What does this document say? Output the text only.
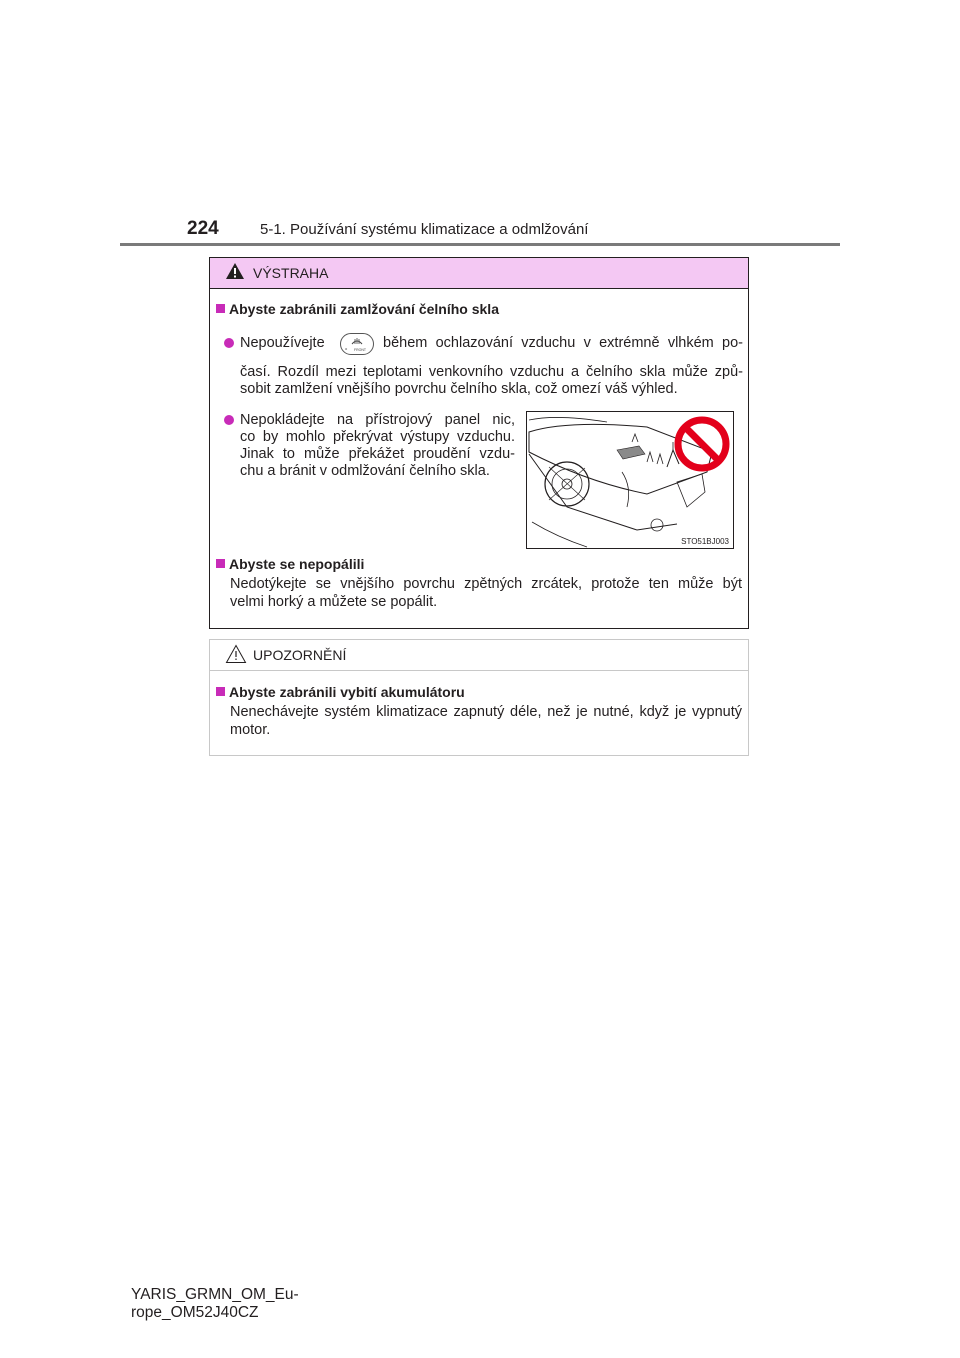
224	5-1. Používání systému klimatizace a odmlžování
VÝSTRAHA
Abyste zabránili zamlžování čelního skla
Nepoužívejte	o FRONT během ochlazování vzduchu v extrémně vlhkém po-
časí. Rozdíl mezi teplotami venkovního vzduchu a čelního skla může způ-
sobit zamlžení vnějšího povrchu čelního skla, což omezí váš výhled.
Nepokládejte na přístrojový panel nic,
co by mohlo překrývat výstupy vzduchu.
Jinak to může překážet proudění vzdu-
chu a bránit v odmlžování čelního skla.
STO51BJ003
Abyste se nepopálili
Nedotýkejte se vnějšího povrchu zpětných zrcátek, protože ten může být
velmi horký a můžete se popálit.
UPOZORNĚNÍ
Abyste zabránili vybití akumulátoru
Nenechávejte systém klimatizace zapnutý déle, než je nutné, když je vypnutý
motor.
YARIS_GRMN_OM_Eu-
rope_OM52J40CZ
